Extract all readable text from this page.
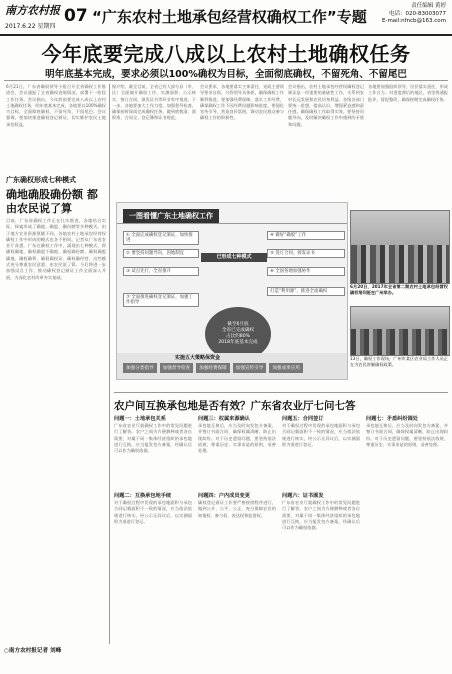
南方农村报
2017.6.22 星期四
07 “广东农村土地承包经营权确权工作”专题
责任编辑 黄婷
电话：020-83003077
E-mail:nfncb@163.com
今年底要完成八成以上农村土地确权任务
明年底基本完成，要求必须以100%确权为目标，全面彻底确权，不留死角、不留尾巴
6月21日，广东省确权领导小组召开全省确权工作推进会，会议通报了全省确权进展情况，部署下一阶段工作任务。会议指出，今年底前要完成八成以上农村土地确权任务，明年底基本完成，各地要以100%确权为目标，全面彻底确权，不留死角、不留尾巴。会议强调，要加快推进确权登记颁证，切实维护农民土地承包权益。
据介绍，截至目前，全省已有大部分县（市、区）全面铺开确权工作，实测面积、公示核实、签订合同、颁发证书等环节有序推进。下一步，各地要加大工作力度，加强督导检查，确保按时保质完成确权任务，做到底数清、面积准、合同全、登记簿和证书规范。
会议要求，各地要落实主体责任，党政主要领导要亲自抓，分管领导具体抓，确保确权工作顺利推进。要加强经费保障，落实工作经费，确保确权工作不因经费问题影响进度。要强化宣传引导，营造良好氛围，调动农民群众参与确权工作的积极性。
会议指出，农村土地承包经营权确权登记颁证是一项重要的基础性工作，关系到农村长远发展和农民切身利益。各级各部门要统一思想，提高认识，增强紧迫感和责任感，确保确权工作取得实效。要坚持问题导向，及时解决确权工作中遇到的矛盾和问题。
各地要加强组织领导，层层落实责任，形成工作合力。对进度滞后的地区，省里将通报批评，督促整改，确保按期完成确权任务。
广东确权形成七种模式
确地确股确份额 都由农民说了算
目前，广东省确权工作正在扎实推进，各地结合实际，探索形成了确地、确股、确份额等多种模式。由于地方农业资源禀赋不同，各地农村土地承包经营权确权工作中形成的模式也各不相同。记者从广东省农业厅获悉，广东在确权工作中，涌现出七种模式，即确权确地、确权确股不确地、确权确份额、确权确股确地、确权确利、确权确权证、确权确经营。这些模式充分尊重农民意愿，由农民说了算。今后将进一步加强试点工作，推动确权登记颁证工作全面深入开展，为深化农村改革夯实基础。
一图看懂广东土地确权工作
① 全面完成确权登记颁证，加快推进
② 要坚持问题导向，因地制宜
③ 试点先行，全省推开
已形成七种模式
④ 做好“确股”工作
⑤ 签订合同、颁发证书
⑥ 全国各地加强协作
打造“利用源”，推进全面确权
⑦ 全面推进确权登记颁证，加强工作指导
截至6月底
全省已完成确权
占比约80%
2018年底基本完成
实施五大策略保资金
加强分类指导	加强督导检查	加强经费保障	加强宣传引导	加强成果应用
6月20日，2017年全省第二期农村土地承包经营权确权培训班在广州举办。
13日，确权工作现场，广州市某区农业局工作人员正在为农民讲解确权政策。
农户间互换承包地是否有效？广东省农业厅七问七答
问题一：土地承包关系
广东省农业厅就确权工作中的常见问题进行了解答。农户之间为方便耕种或者各自需要，对属于同一集体经济组织的承包地进行互换，应当报发包方备案，经确认后可以作为确权依据。
问题二：互换承包地手续
对于确权过程中发现的承包地面积与承包合同记载面积不一致的情况，应当依法依规进行核实，经公示无异议后，以实测面积为准进行登记。
问题三：权属来源确认
承包地互换后，应当及时向发包方备案，并签订书面合同，确保权属清晰，防止出现纠纷。对于历史遗留问题，要坚持依法依规、尊重历史、实事求是的原则，妥善处理。
问题四：户内成员变更
确权登记颁证工作要严格按照程序进行，做到公开、公平、公正，充分保障农民的知情权、参与权、表达权和监督权。
问题五：合同签订
对于确权过程中发现的承包地面积与承包合同记载面积不一致的情况，应当依法依规进行核实，经公示无异议后，以实测面积为准进行登记。
问题六：证书颁发
广东省农业厅就确权工作中的常见问题进行了解答。农户之间为方便耕种或者各自需要，对属于同一集体经济组织的承包地进行互换，应当报发包方备案，经确认后可以作为确权依据。
问题七：矛盾纠纷调处
承包地互换后，应当及时向发包方备案，并签订书面合同，确保权属清晰，防止出现纠纷。对于历史遗留问题，要坚持依法依规、尊重历史、实事求是的原则，妥善处理。
○南方农村报记者 刘峰
